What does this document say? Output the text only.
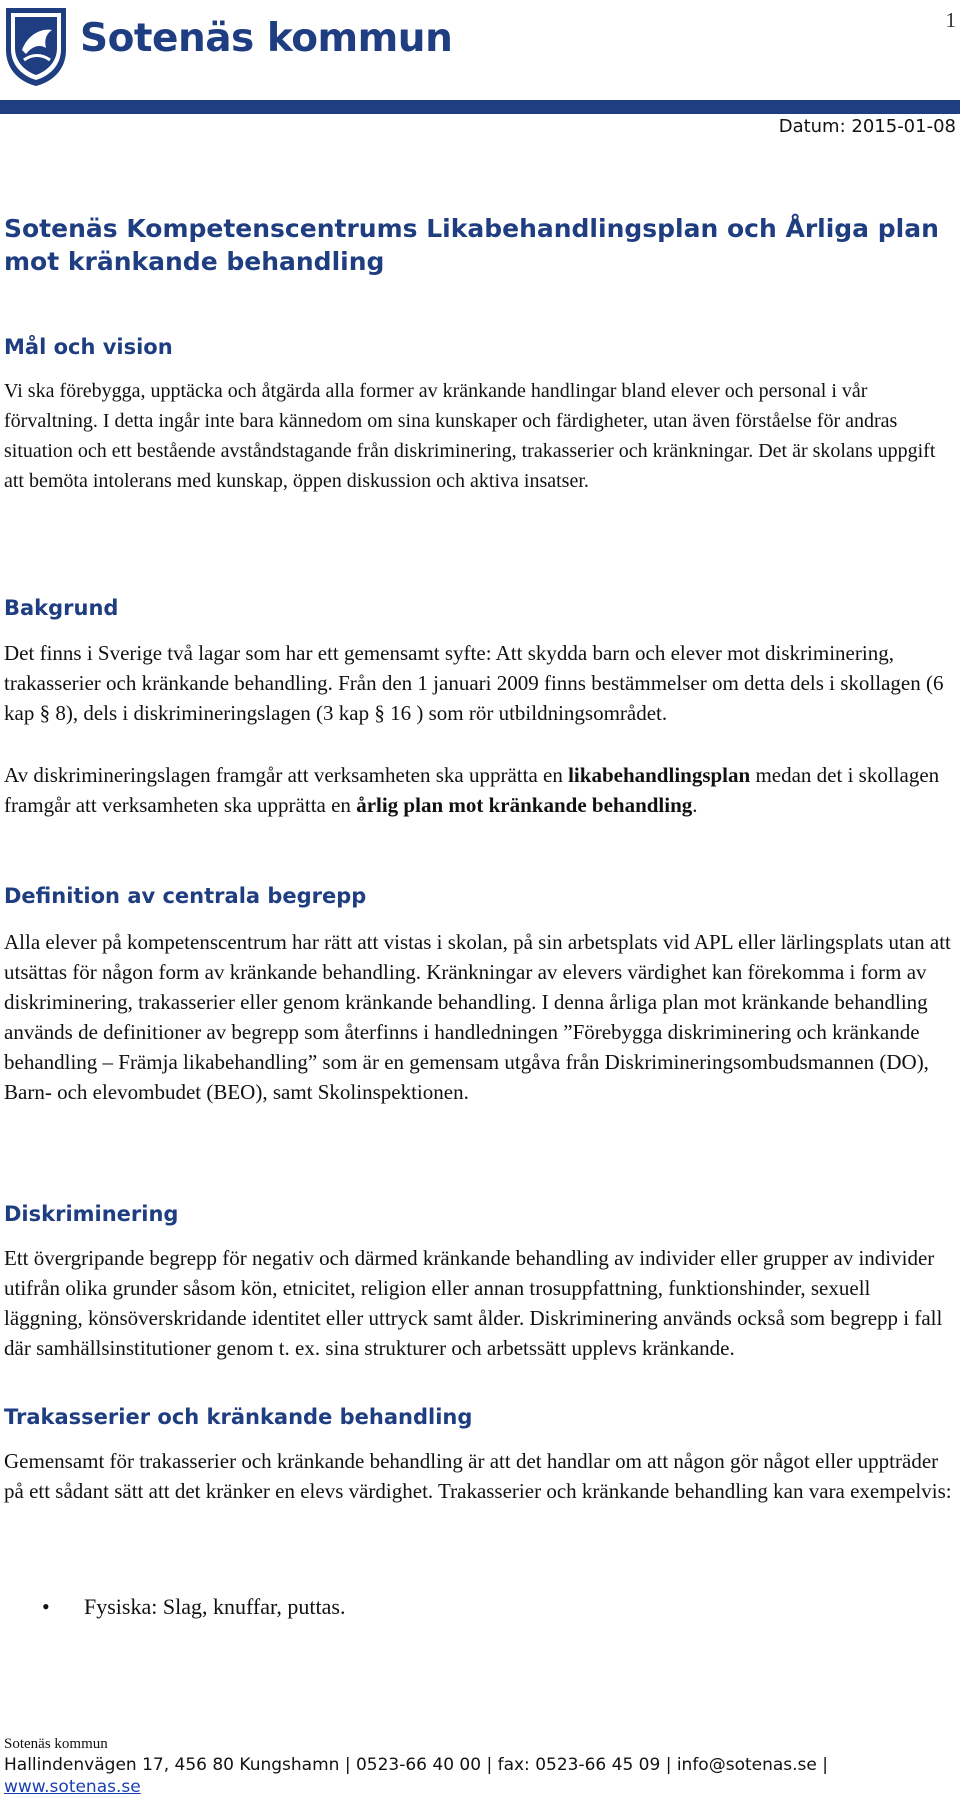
Sotenäs kommun	1
Datum: 2015-01-08
Sotenäs Kompetenscentrums Likabehandlingsplan och Årliga plan mot kränkande behandling
Mål och vision

Vi ska förebygga, upptäcka och åtgärda alla former av kränkande handlingar bland elever och personal i vår förvaltning. I detta ingår inte bara kännedom om sina kunskaper och färdigheter, utan även förståelse för andras situation och ett bestående avståndstagande från diskriminering, trakasserier och kränkningar. Det är skolans uppgift att bemöta intolerans med kunskap, öppen diskussion och aktiva insatser.

Bakgrund

Det finns i Sverige två lagar som har ett gemensamt syfte: Att skydda barn och elever mot diskriminering, trakasserier och kränkande behandling. Från den 1 januari 2009 finns bestämmelser om detta dels i skollagen (6 kap § 8), dels i diskrimineringslagen (3 kap § 16 ) som rör utbildningsområdet.

Av diskrimineringslagen framgår att verksamheten ska upprätta en likabehandlingsplan medan det i skollagen framgår att verksamheten ska upprätta en årlig plan mot kränkande behandling.

Definition av centrala begrepp

Alla elever på kompetenscentrum har rätt att vistas i skolan, på sin arbetsplats vid APL eller lärlingsplats utan att utsättas för någon form av kränkande behandling. Kränkningar av elevers värdighet kan förekomma i form av diskriminering, trakasserier eller genom kränkande behandling. I denna årliga plan mot kränkande behandling används de definitioner av begrepp som återfinns i handledningen ”Förebygga diskriminering och kränkande behandling – Främja likabehandling” som är en gemensam utgåva från Diskrimineringsombudsmannen (DO), Barn- och elevombudet (BEO), samt Skolinspektionen.

Diskriminering

Ett övergripande begrepp för negativ och därmed kränkande behandling av individer eller grupper av individer utifrån olika grunder såsom kön, etnicitet, religion eller annan trosuppfattning, funktionshinder, sexuell läggning, könsöverskridande identitet eller uttryck samt ålder. Diskriminering används också som begrepp i fall där samhällsinstitutioner genom t. ex. sina strukturer och arbetssätt upplevs kränkande.

Trakasserier och kränkande behandling

Gemensamt för trakasserier och kränkande behandling är att det handlar om att någon gör något eller uppträder på ett sådant sätt att det kränker en elevs värdighet. Trakasserier och kränkande behandling kan vara exempelvis:

• Fysiska: Slag, knuffar, puttas.
Sotenäs kommun
Hallindenvägen 17, 456 80 Kungshamn | 0523-66 40 00 | fax: 0523-66 45 09 | info@sotenas.se | www.sotenas.se
